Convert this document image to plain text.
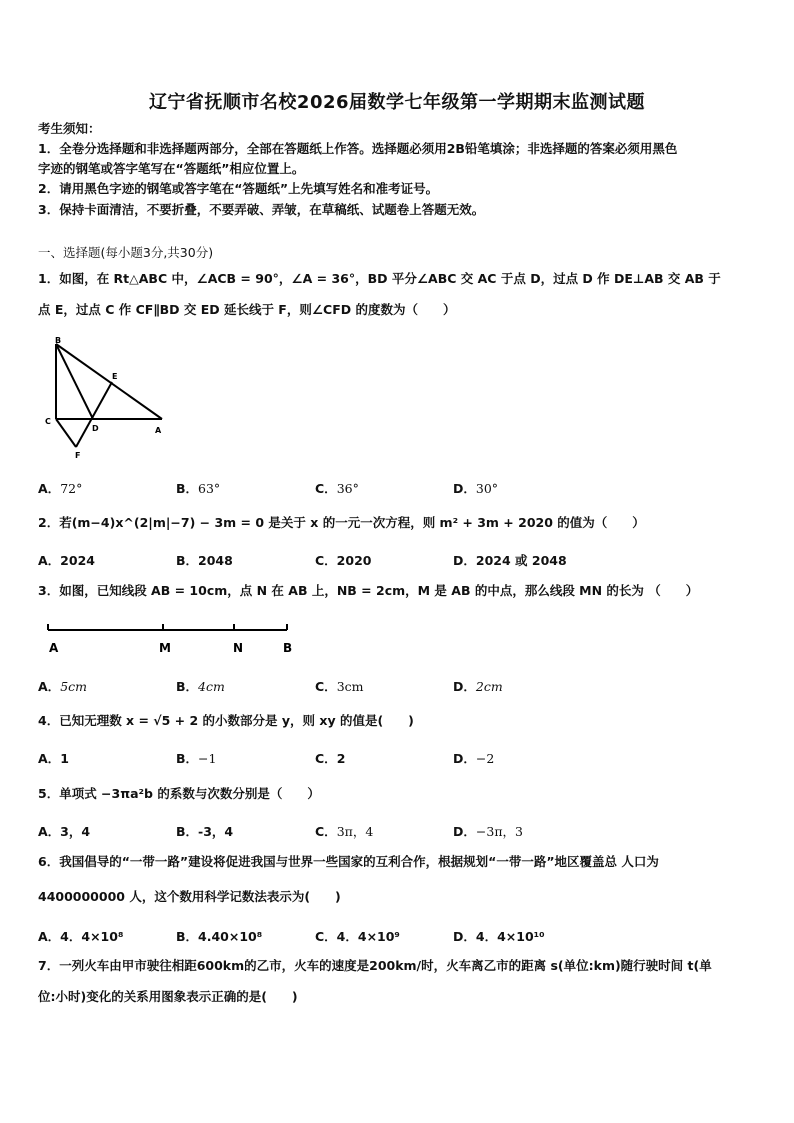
辽宁省抚顺市名校2026届数学七年级第一学期期末监测试题
考生须知：
1．全卷分选择题和非选择题两部分，全部在答题纸上作答。选择题必须用2B铅笔填涂；非选择题的答案必须用黑色
字迹的钢笔或答字笔写在“答题纸”相应位置上。
2．请用黑色字迹的钢笔或答字笔在“答题纸”上先填写姓名和准考证号。
3．保持卡面清洁，不要折叠，不要弄破、弄皱，在草稿纸、试题卷上答题无效。
一、选择题(每小题3分,共30分)
1．如图，在 Rt△ABC 中，∠ACB = 90°，∠A = 36°，BD 平分∠ABC 交 AC 于点 D，过点 D 作 DE⊥AB 交 AB 于
点 E，过点 C 作 CF∥BD 交 ED 延长线于 F，则∠CFD 的度数为（　　）
B
E
C
D	A
F
A．72°	B．63°	C．36°	D．30°
2．若(m−4)x^(2|m|−7) − 3m = 0 是关于 x 的一元一次方程，则 m² + 3m + 2020 的值为（　　）
A．2024	B．2048	C．2020	D．2024 或 2048
3．如图，已知线段 AB = 10cm，点 N 在 AB 上，NB = 2cm，M 是 AB 的中点，那么线段 MN 的长为 （　　）
A	M	N	B
A．5cm	B．4cm	C．3cm	D．2cm
4．已知无理数 x = √5 + 2 的小数部分是 y，则 xy 的值是(　　)
A．1	B．−1	C．2	D．−2
5．单项式 −3πa²b 的系数与次数分别是（　　）
A．3，4	B．-3，4	C．3π，4	D．−3π，3
6．我国倡导的“一带一路”建设将促进我国与世界一些国家的互利合作，根据规划“一带一路”地区覆盖总 人口为
4400000000 人，这个数用科学记数法表示为(　　)
A．4．4×10⁸	B．4.40×10⁸	C．4．4×10⁹	D．4．4×10¹⁰
7．一列火车由甲市驶往相距600km的乙市，火车的速度是200km/时，火车离乙市的距离 s(单位:km)随行驶时间 t(单
位:小时)变化的关系用图象表示正确的是(　　)
